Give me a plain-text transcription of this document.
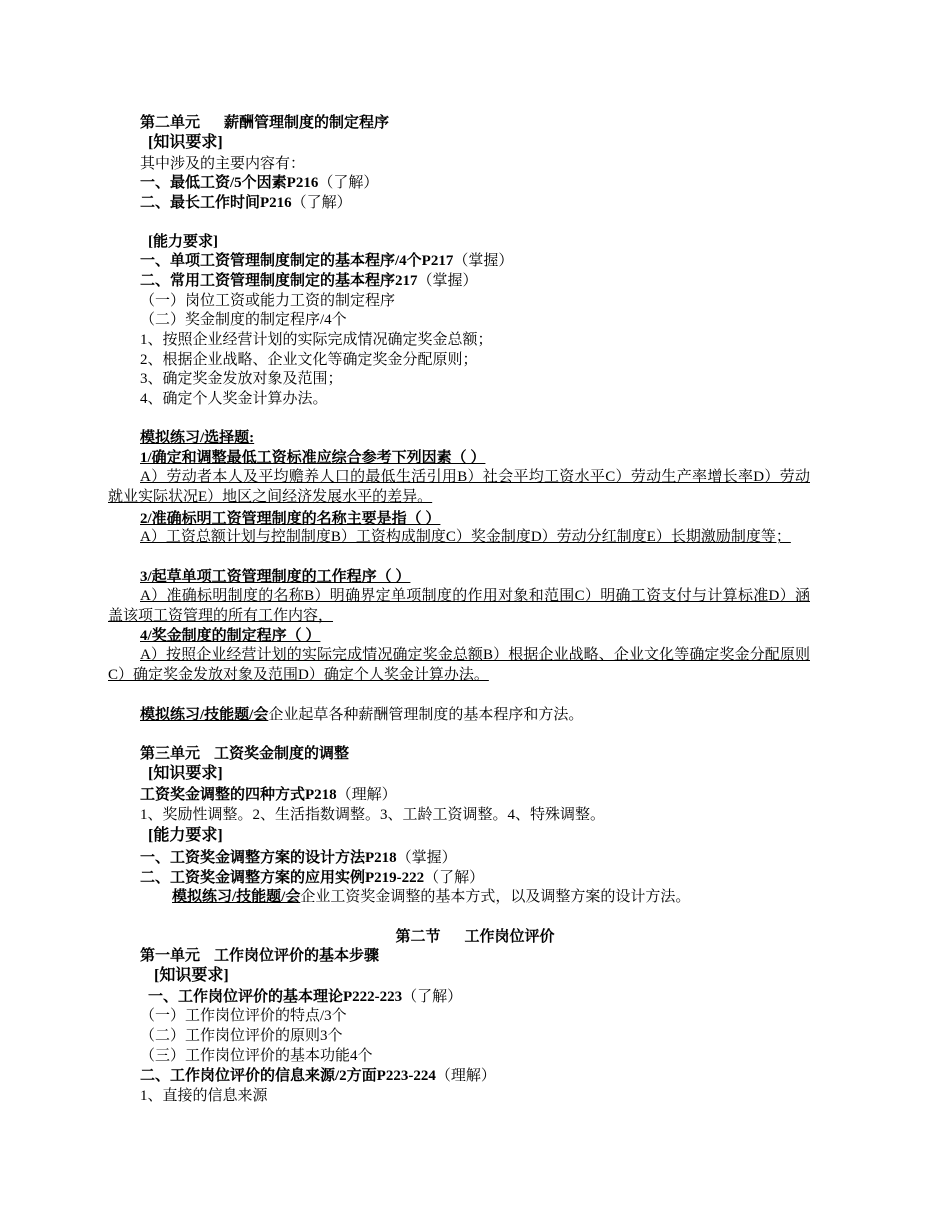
第二单元 薪酬管理制度的制定程序
[知识要求]
其中涉及的主要内容有：
一、最低工资/5个因素P216（了解）
二、最长工作时间P216（了解）
[能力要求]
一、单项工资管理制度制定的基本程序/4个P217（掌握）
二、常用工资管理制度制定的基本程序217（掌握）
（一）岗位工资或能力工资的制定程序
（二）奖金制度的制定程序/4个
1、按照企业经营计划的实际完成情况确定奖金总额；
2、根据企业战略、企业文化等确定奖金分配原则；
3、确定奖金发放对象及范围；
4、确定个人奖金计算办法。
模拟练习/选择题:
1/确定和调整最低工资标准应综合参考下列因素（ ）
A）劳动者本人及平均赡养人口的最低生活引用B）社会平均工资水平C）劳动生产率增长率D）劳动就业实际状况E）地区之间经济发展水平的差异。
2/准确标明工资管理制度的名称主要是指（ ）
A）工资总额计划与控制制度B）工资构成制度C）奖金制度D）劳动分红制度E）长期激励制度等；
3/起草单项工资管理制度的工作程序（ ）
A）准确标明制度的名称B）明确界定单项制度的作用对象和范围C）明确工资支付与计算标准D）涵盖该项工资管理的所有工作内容，
4/奖金制度的制定程序（ ）
A）按照企业经营计划的实际完成情况确定奖金总额B）根据企业战略、企业文化等确定奖金分配原则C）确定奖金发放对象及范围D）确定个人奖金计算办法。
模拟练习/技能题/会企业起草各种薪酬管理制度的基本程序和方法。
第三单元 工资奖金制度的调整
[知识要求]
工资奖金调整的四种方式P218（理解）
1、奖励性调整。2、生活指数调整。3、工龄工资调整。4、特殊调整。
[能力要求]
一、工资奖金调整方案的设计方法P218（掌握）
二、工资奖金调整方案的应用实例P219-222（了解）
模拟练习/技能题/会企业工资奖金调整的基本方式，以及调整方案的设计方法。
第二节 工作岗位评价
第一单元 工作岗位评价的基本步骤
[知识要求]
一、工作岗位评价的基本理论P222-223（了解）
（一）工作岗位评价的特点/3个
（二）工作岗位评价的原则3个
（三）工作岗位评价的基本功能4个
二、工作岗位评价的信息来源/2方面P223-224（理解）
1、直接的信息来源
